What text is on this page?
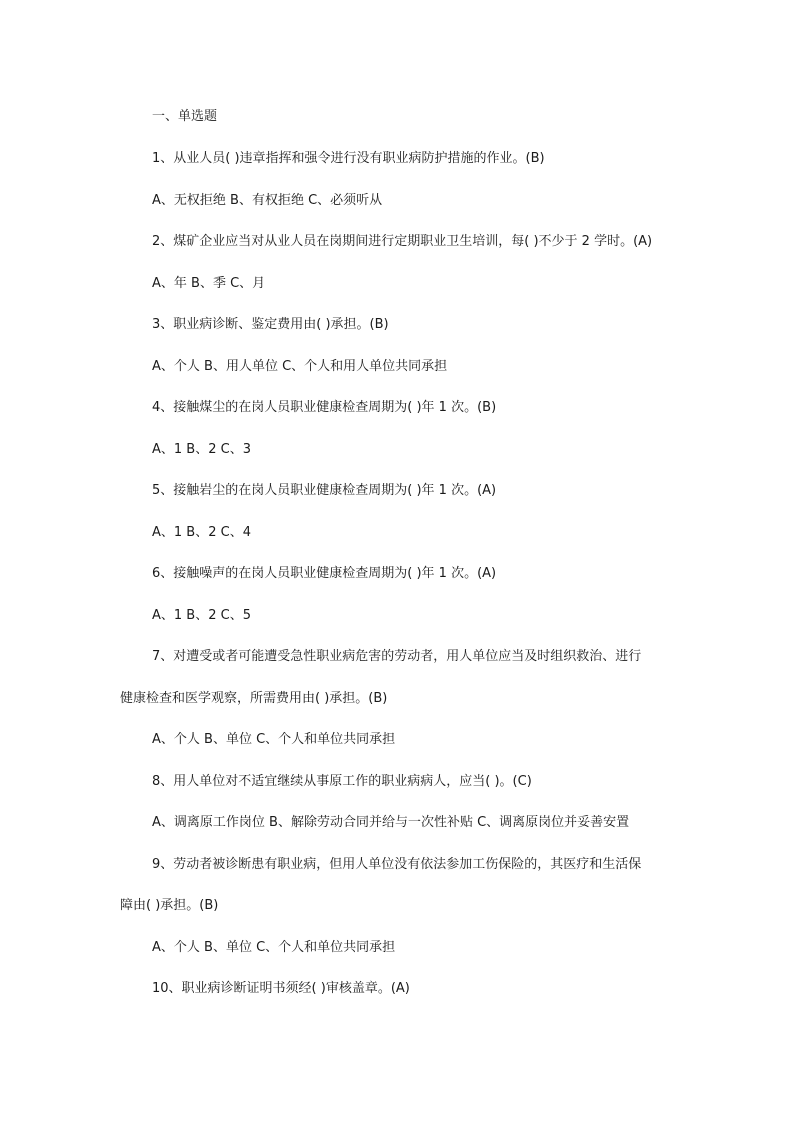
一、单选题
1、从业人员( )违章指挥和强令进行没有职业病防护措施的作业。(B)
A、无权拒绝 B、有权拒绝 C、必须听从
2、煤矿企业应当对从业人员在岗期间进行定期职业卫生培训，每( )不少于 2 学时。(A)
A、年 B、季 C、月
3、职业病诊断、鉴定费用由( )承担。(B)
A、个人 B、用人单位 C、个人和用人单位共同承担
4、接触煤尘的在岗人员职业健康检查周期为( )年 1 次。(B)
A、1 B、2 C、3
5、接触岩尘的在岗人员职业健康检查周期为( )年 1 次。(A)
A、1 B、2 C、4
6、接触噪声的在岗人员职业健康检查周期为( )年 1 次。(A)
A、1 B、2 C、5
7、对遭受或者可能遭受急性职业病危害的劳动者，用人单位应当及时组织救治、进行
健康检查和医学观察，所需费用由( )承担。(B)
A、个人 B、单位 C、个人和单位共同承担
8、用人单位对不适宜继续从事原工作的职业病病人，应当( )。(C)
A、调离原工作岗位 B、解除劳动合同并给与一次性补贴 C、调离原岗位并妥善安置
9、劳动者被诊断患有职业病，但用人单位没有依法参加工伤保险的，其医疗和生活保
障由( )承担。(B)
A、个人 B、单位 C、个人和单位共同承担
10、职业病诊断证明书须经( )审核盖章。(A)
